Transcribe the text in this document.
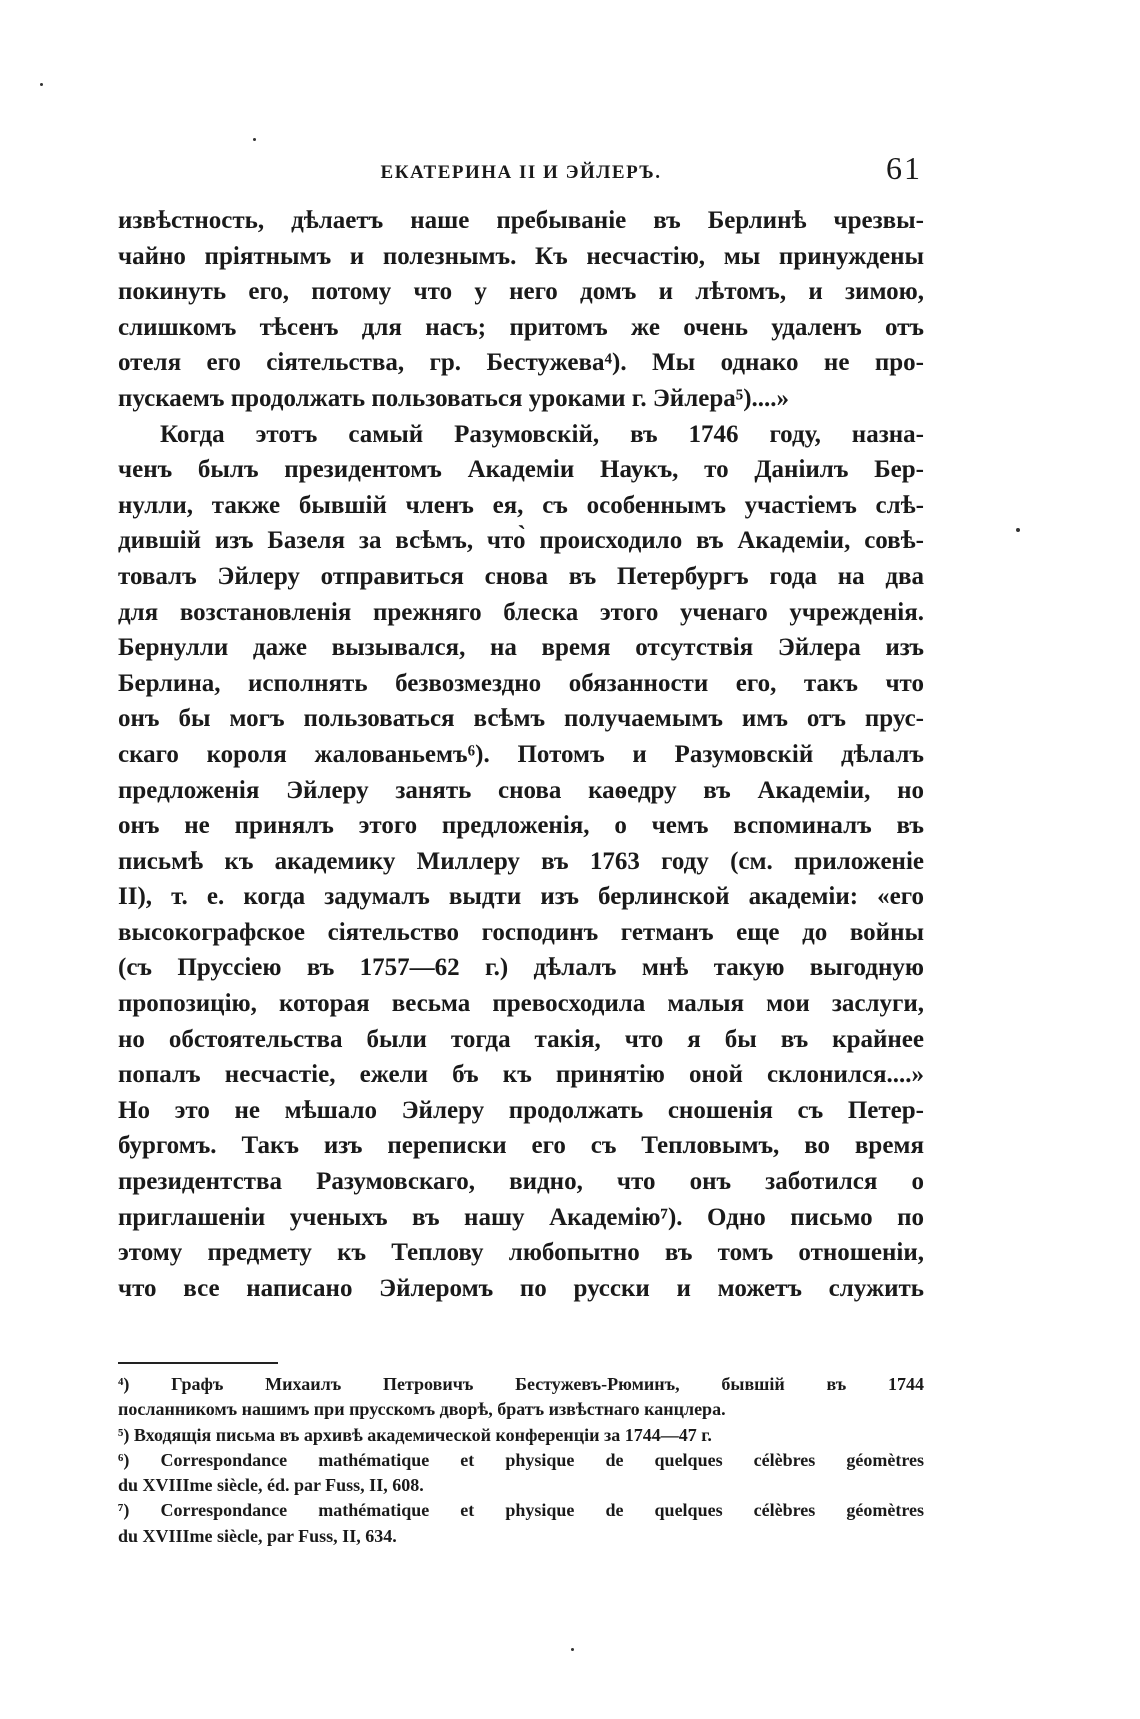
ЕКАТЕРИНА II И ЭЙЛЕРЪ.	61
извѣстность, дѣлаетъ наше пребываніе въ Берлинѣ чрезвы-
чайно пріятнымъ и полезнымъ. Къ несчастію, мы принуждены
покинуть его, потому что у него домъ и лѣтомъ, и зимою,
слишкомъ тѣсенъ для насъ; притомъ же очень удаленъ отъ
отеля его сіятельства, гр. Бестужева⁴). Мы однако не про-
пускаемъ продолжать пользоваться уроками г. Эйлера⁵)....»
Когда этотъ самый Разумовскій, въ 1746 году, назна-
ченъ былъ президентомъ Академіи Наукъ, то Даніилъ Бер-
нулли, также бывшій членъ ея, съ особеннымъ участіемъ слѣ-
дившій изъ Базеля за всѣмъ, что̀ происходило въ Академіи, совѣ-
товалъ Эйлеру отправиться снова въ Петербургъ года на два
для возстановленія прежняго блеска этого ученаго учрежденія.
Бернулли даже вызывался, на время отсутствія Эйлера изъ
Берлина, исполнять безвозмездно обязанности его, такъ что
онъ бы могъ пользоваться всѣмъ получаемымъ имъ отъ прус-
скаго короля жалованьемъ⁶). Потомъ и Разумовскій дѣлалъ
предложенія Эйлеру занять снова каѳедру въ Академіи, но
онъ не принялъ этого предложенія, о чемъ вспоминалъ въ
письмѣ къ академику Миллеру въ 1763 году (см. приложеніе
II), т. е. когда задумалъ выдти изъ берлинской академіи: «его
высокографское сіятельство господинъ гетманъ еще до войны
(съ Пруссіею въ 1757—62 г.) дѣлалъ мнѣ такую выгодную
пропозицію, которая весьма превосходила малыя мои заслуги,
но обстоятельства были тогда такія, что я бы въ крайнее
попалъ несчастіе, ежели бъ къ принятію оной склонился....»
Но это не мѣшало Эйлеру продолжать сношенія съ Петер-
бургомъ. Такъ изъ переписки его съ Тепловымъ, во время
президентства Разумовскаго, видно, что онъ заботился о
приглашеніи ученыхъ въ нашу Академію⁷). Одно письмо по
этому предмету къ Теплову любопытно въ томъ отношеніи,
что все написано Эйлеромъ по русски и можетъ служить
⁴) Графъ Михаилъ Петровичъ Бестужевъ-Рюминъ, бывшій въ 1744
посланникомъ нашимъ при прусскомъ дворѣ, братъ извѣстнаго канцлера.
⁵) Входящія письма въ архивѣ академической конференціи за 1744—47 г.
⁶) Correspondance mathématique et physique de quelques célèbres géomètres
du XVIIIme siècle, éd. par Fuss, II, 608.
⁷) Correspondance mathématique et physique de quelques célèbres géomètres
du XVIIIme siècle, par Fuss, II, 634.
